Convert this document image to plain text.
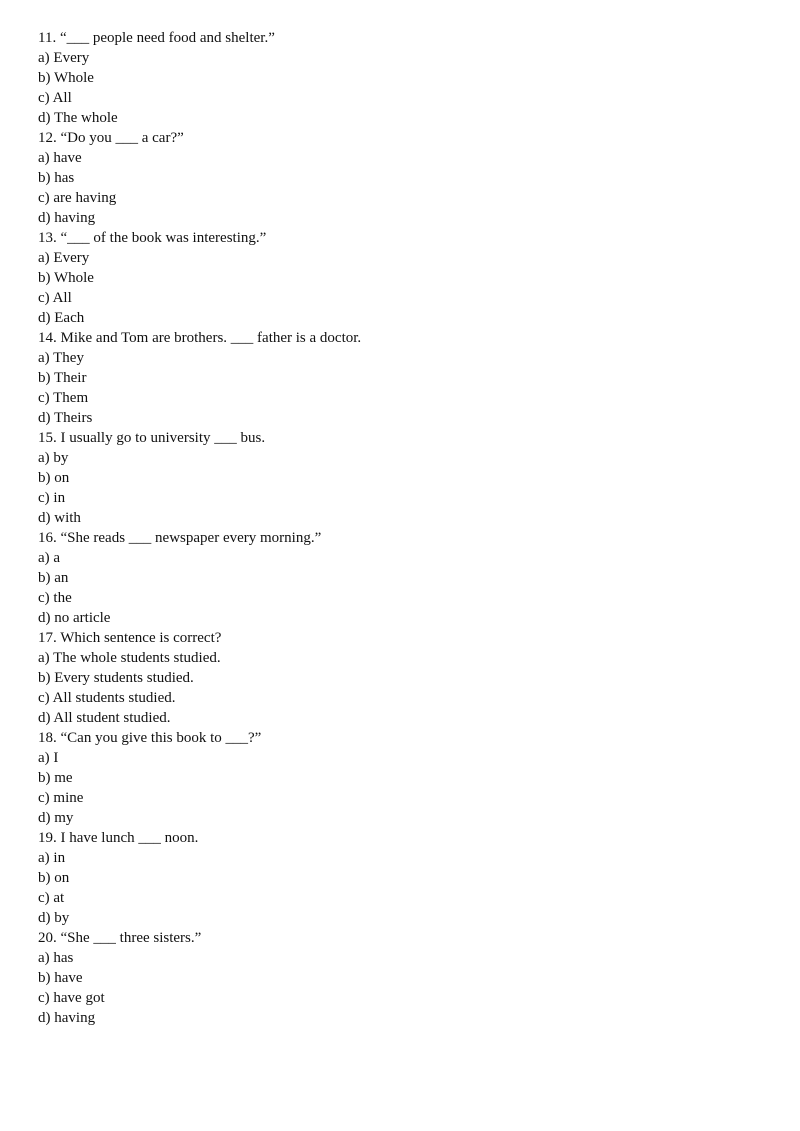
11. “___ people need food and shelter.”
a) Every
b) Whole
c) All
d) The whole
12. “Do you ___ a car?”
a) have
b) has
c) are having
d) having
13. “___ of the book was interesting.”
a) Every
b) Whole
c) All
d) Each
14. Mike and Tom are brothers. ___ father is a doctor.
a) They
b) Their
c) Them
d) Theirs
15. I usually go to university ___ bus.
a) by
b) on
c) in
d) with
16. “She reads ___ newspaper every morning.”
a) a
b) an
c) the
d) no article
17. Which sentence is correct?
a) The whole students studied.
b) Every students studied.
c) All students studied.
d) All student studied.
18. “Can you give this book to ___?”
a) I
b) me
c) mine
d) my
19. I have lunch ___ noon.
a) in
b) on
c) at
d) by
20. “She ___ three sisters.”
a) has
b) have
c) have got
d) having
